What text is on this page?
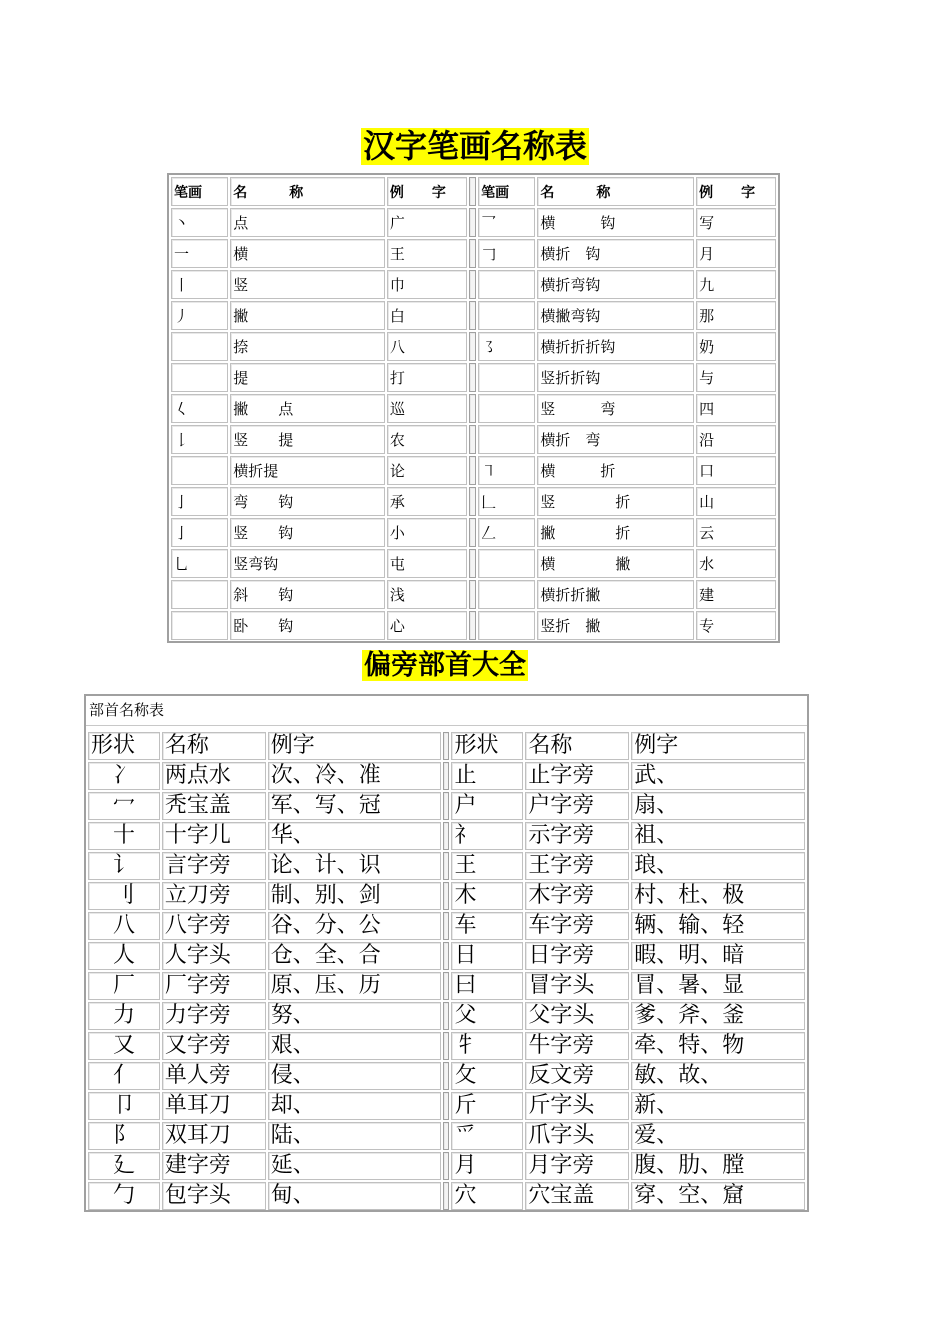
汉字笔画名称表
笔画	名　　　称	例　　字		笔画	名　　　称	例　　字
丶	点	广		乛	横　　　钩	写
一	横	王		𠃌	横折　钩	月
丨	竖	巾			横折弯钩	九
丿	撇	白			横撇弯钩	那
	捺	八		㇌	横折折折钩	奶
	提	打			竖折折钩	与
𡿨	撇　　点	巡			竖　　　弯	四
𠄌	竖　　提	农			横折　弯	沿
	横折提	论		㇕	横　　　折	口
亅	弯　　钩	承		𠃊	竖　　　　折	山
亅	竖　　钩	小		𠃋	撇　　　　折	云
乚	竖弯钩	屯			横　　　　撇	水
	斜　　钩	浅			横折折撇	建
	卧　　钩	心			竖折　撇	专
偏旁部首大全
部首名称表
形状	名称	例字		形状	名称	例字
冫	两点水	次、冷、准		止	止字旁	武、
冖	秃宝盖	军、写、冠		户	户字旁	扇、
十	十字儿	华、		礻	示字旁	祖、
讠	言字旁	论、计、识		王	王字旁	琅、
刂	立刀旁	制、别、剑		木	木字旁	村、杜、极
八	八字旁	谷、分、公		车	车字旁	辆、输、轻
人	人字头	仓、全、合		日	日字旁	暇、明、暗
厂	厂字旁	原、压、历		曰	冒字头	冒、暑、显
力	力字旁	努、		父	父字头	爹、斧、釜
又	又字旁	艰、		牜	牛字旁	牵、特、物
亻	单人旁	侵、		攵	反文旁	敏、故、
卩	单耳刀	却、		斤	斤字头	新、
阝	双耳刀	陆、		爫	爪字头	爱、
廴	建字旁	延、		月	月字旁	腹、肋、膛
勹	包字头	甸、		穴	穴宝盖	穿、空、窟
